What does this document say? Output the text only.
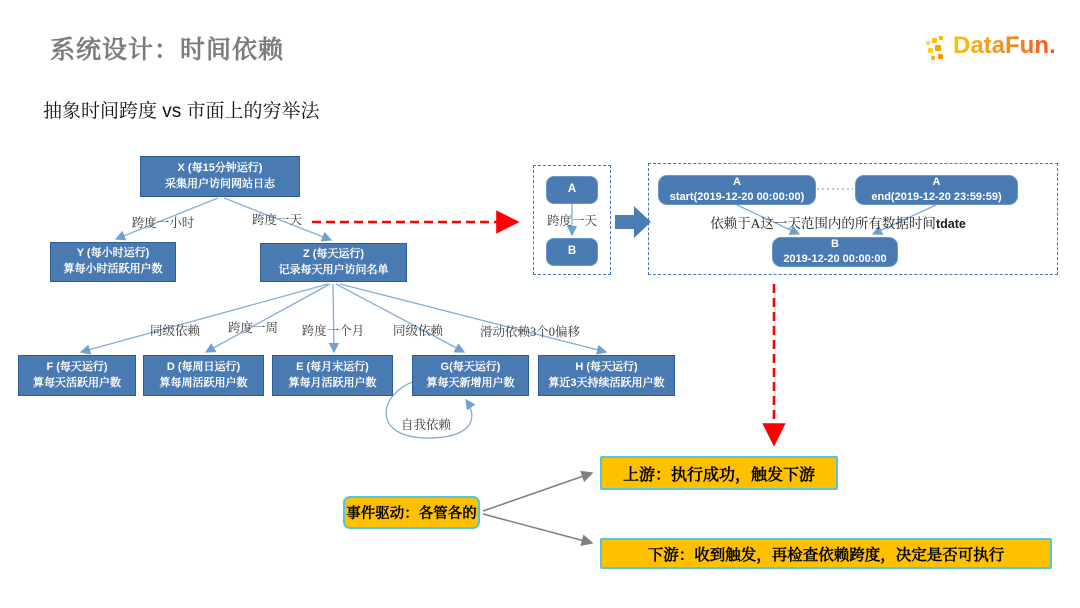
系统设计：时间依赖
抽象时间跨度 vs 市面上的穷举法
DataFun.
X (每15分钟运行)
采集用户访问网站日志
Y (每小时运行)
算每小时活跃用户数
Z (每天运行)
记录每天用户访问名单
F (每天运行)
算每天活跃用户数
D (每周日运行)
算每周活跃用户数
E (每月末运行)
算每月活跃用户数
G(每天运行)
算每天新增用户数
H (每天运行)
算近3天持续活跃用户数
跨度一小时	跨度一天
同级依赖 跨度一周 跨度一个月 同级依赖	滑动依赖3个0偏移
自我依赖
A
跨度一天
B
A
start(2019-12-20 00:00:00)
A
end(2019-12-20 23:59:59)
依赖于A这一天范围内的所有数据时间tdate
B
2019-12-20 00:00:00
事件驱动：各管各的
上游：执行成功，触发下游
下游：收到触发，再检查依赖跨度，决定是否可执行
